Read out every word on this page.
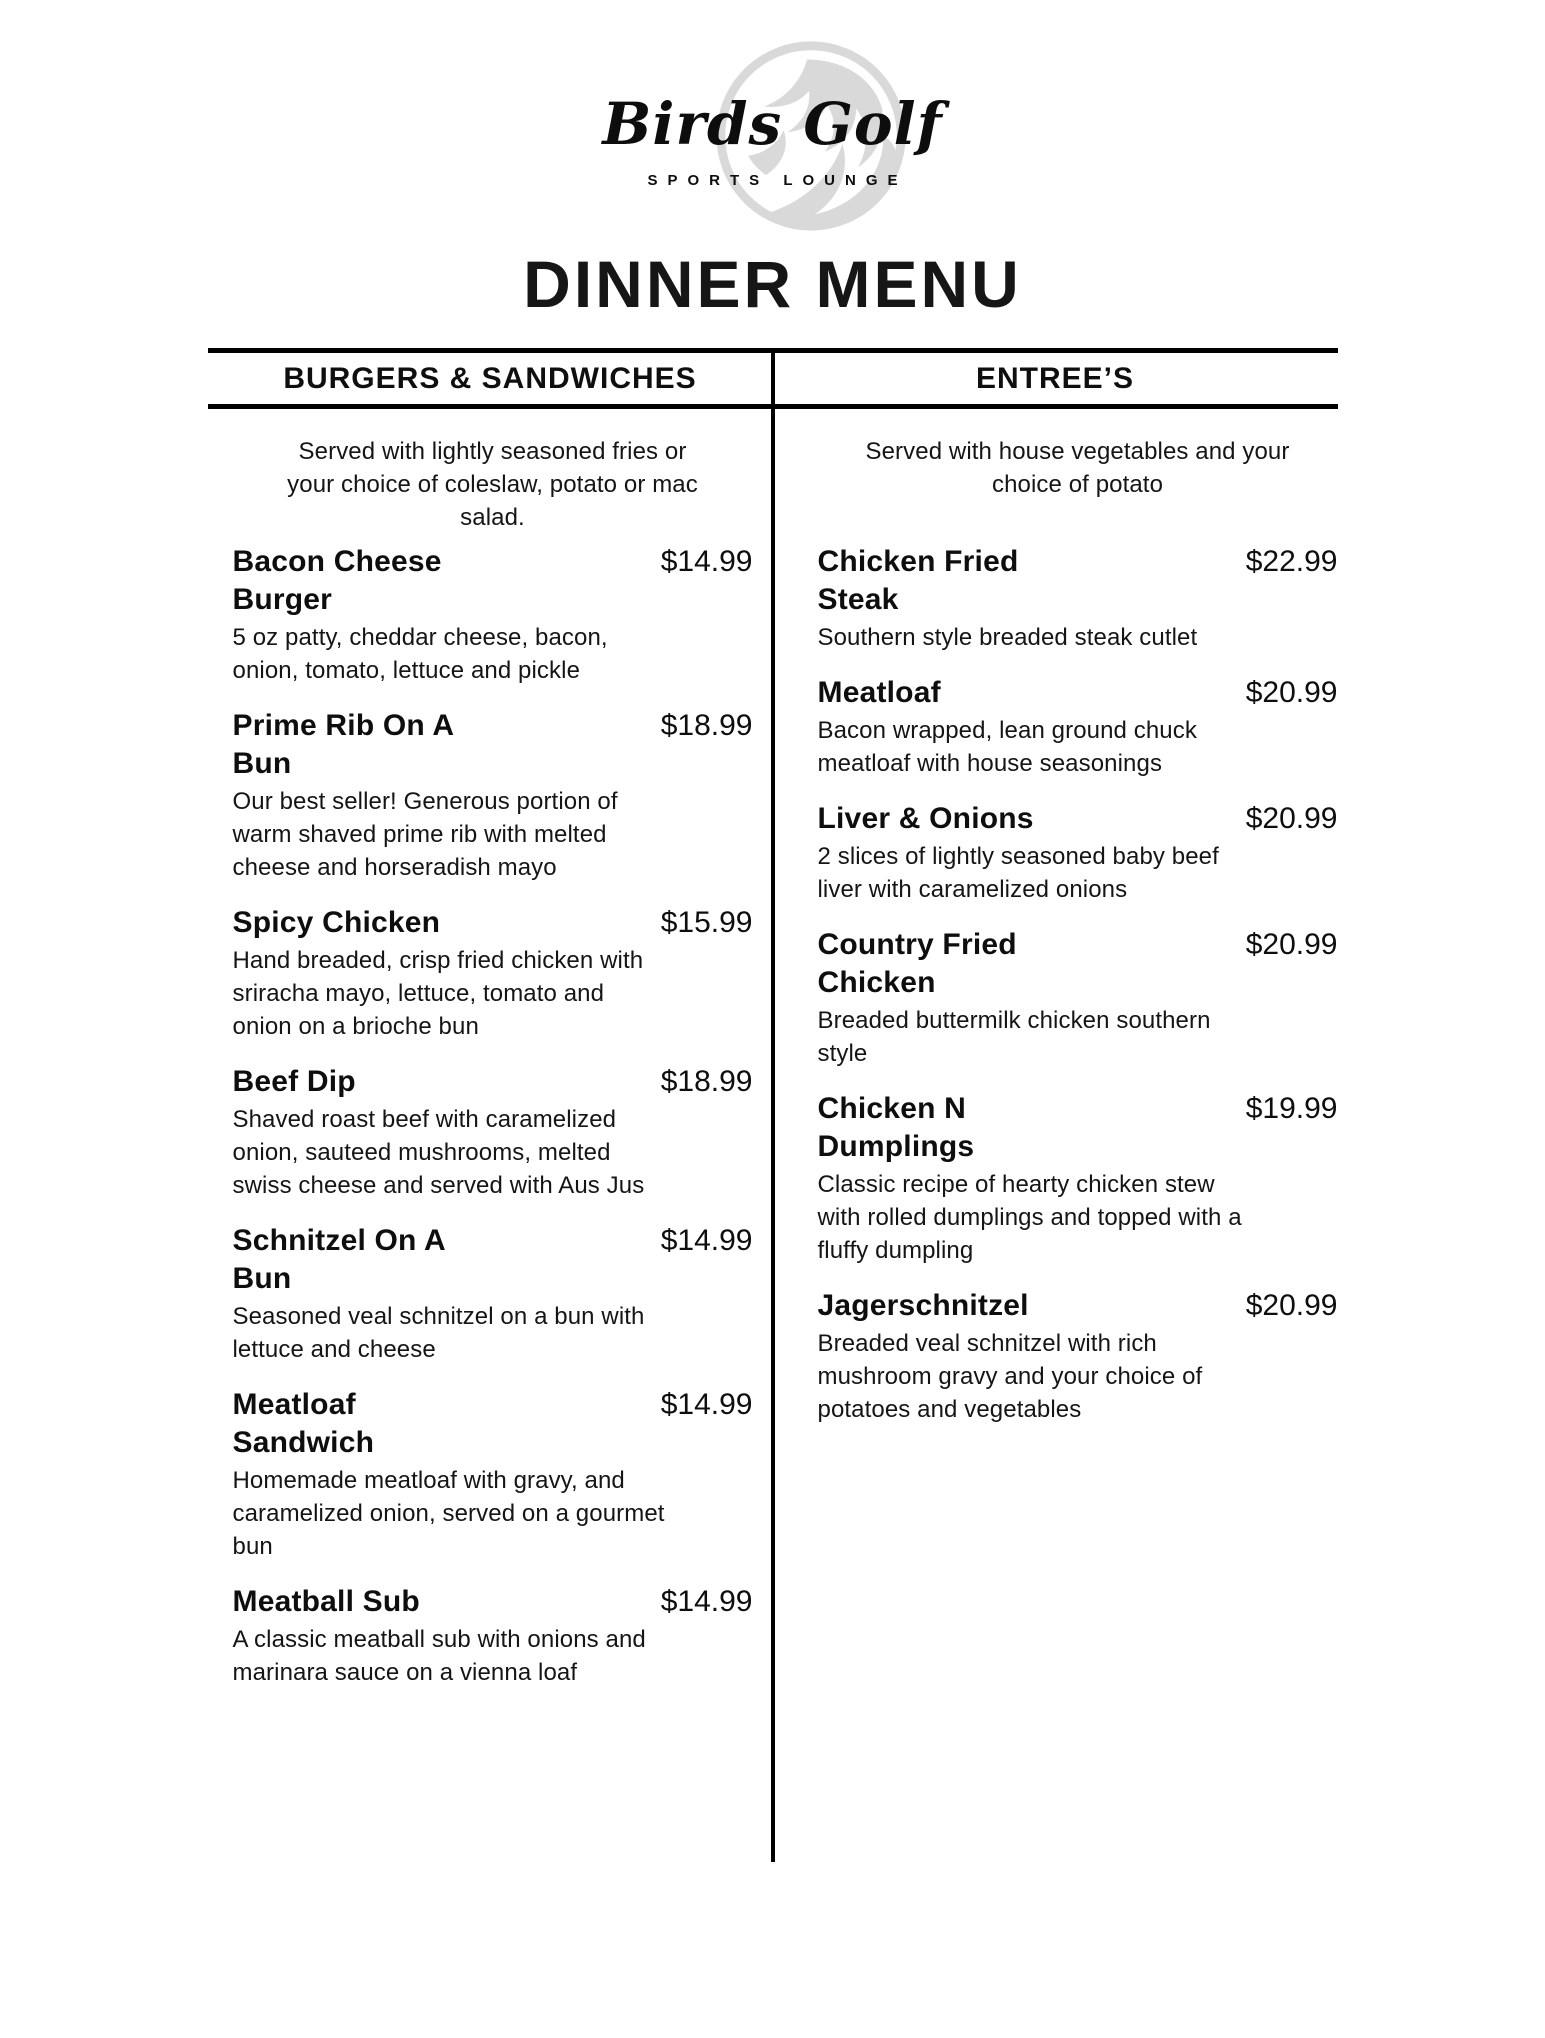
Birds Golf
SPORTS LOUNGE
DINNER MENU
BURGERS & SANDWICHES	ENTREE’S
Served with lightly seasoned fries or your choice of coleslaw, potato or mac salad.
Bacon Cheese Burger
$14.99
5 oz patty, cheddar cheese, bacon, onion, tomato, lettuce and pickle
Prime Rib On A Bun
$18.99
Our best seller! Generous portion of warm shaved prime rib with melted cheese and horseradish mayo
Spicy Chicken	$15.99
Hand breaded, crisp fried chicken with sriracha mayo, lettuce, tomato and onion on a brioche bun
Beef Dip	$18.99
Shaved roast beef with caramelized onion, sauteed mushrooms, melted swiss cheese and served with Aus Jus
Schnitzel On A Bun
$14.99
Seasoned veal schnitzel on a bun with lettuce and cheese
Meatloaf Sandwich
$14.99
Homemade meatloaf with gravy, and caramelized onion, served on a gourmet bun
Meatball Sub	$14.99
A classic meatball sub with onions and marinara sauce on a vienna loaf
Served with house vegetables and your choice of potato
Chicken Fried Steak
$22.99
Southern style breaded steak cutlet
Meatloaf	$20.99
Bacon wrapped, lean ground chuck meatloaf with house seasonings
Liver & Onions	$20.99
2 slices of lightly seasoned baby beef liver with caramelized onions
Country Fried Chicken
$20.99
Breaded buttermilk chicken southern style
Chicken N Dumplings
$19.99
Classic recipe of hearty chicken stew with rolled dumplings and topped with a fluffy dumpling
Jagerschnitzel	$20.99
Breaded veal schnitzel with rich mushroom gravy and your choice of potatoes and vegetables
